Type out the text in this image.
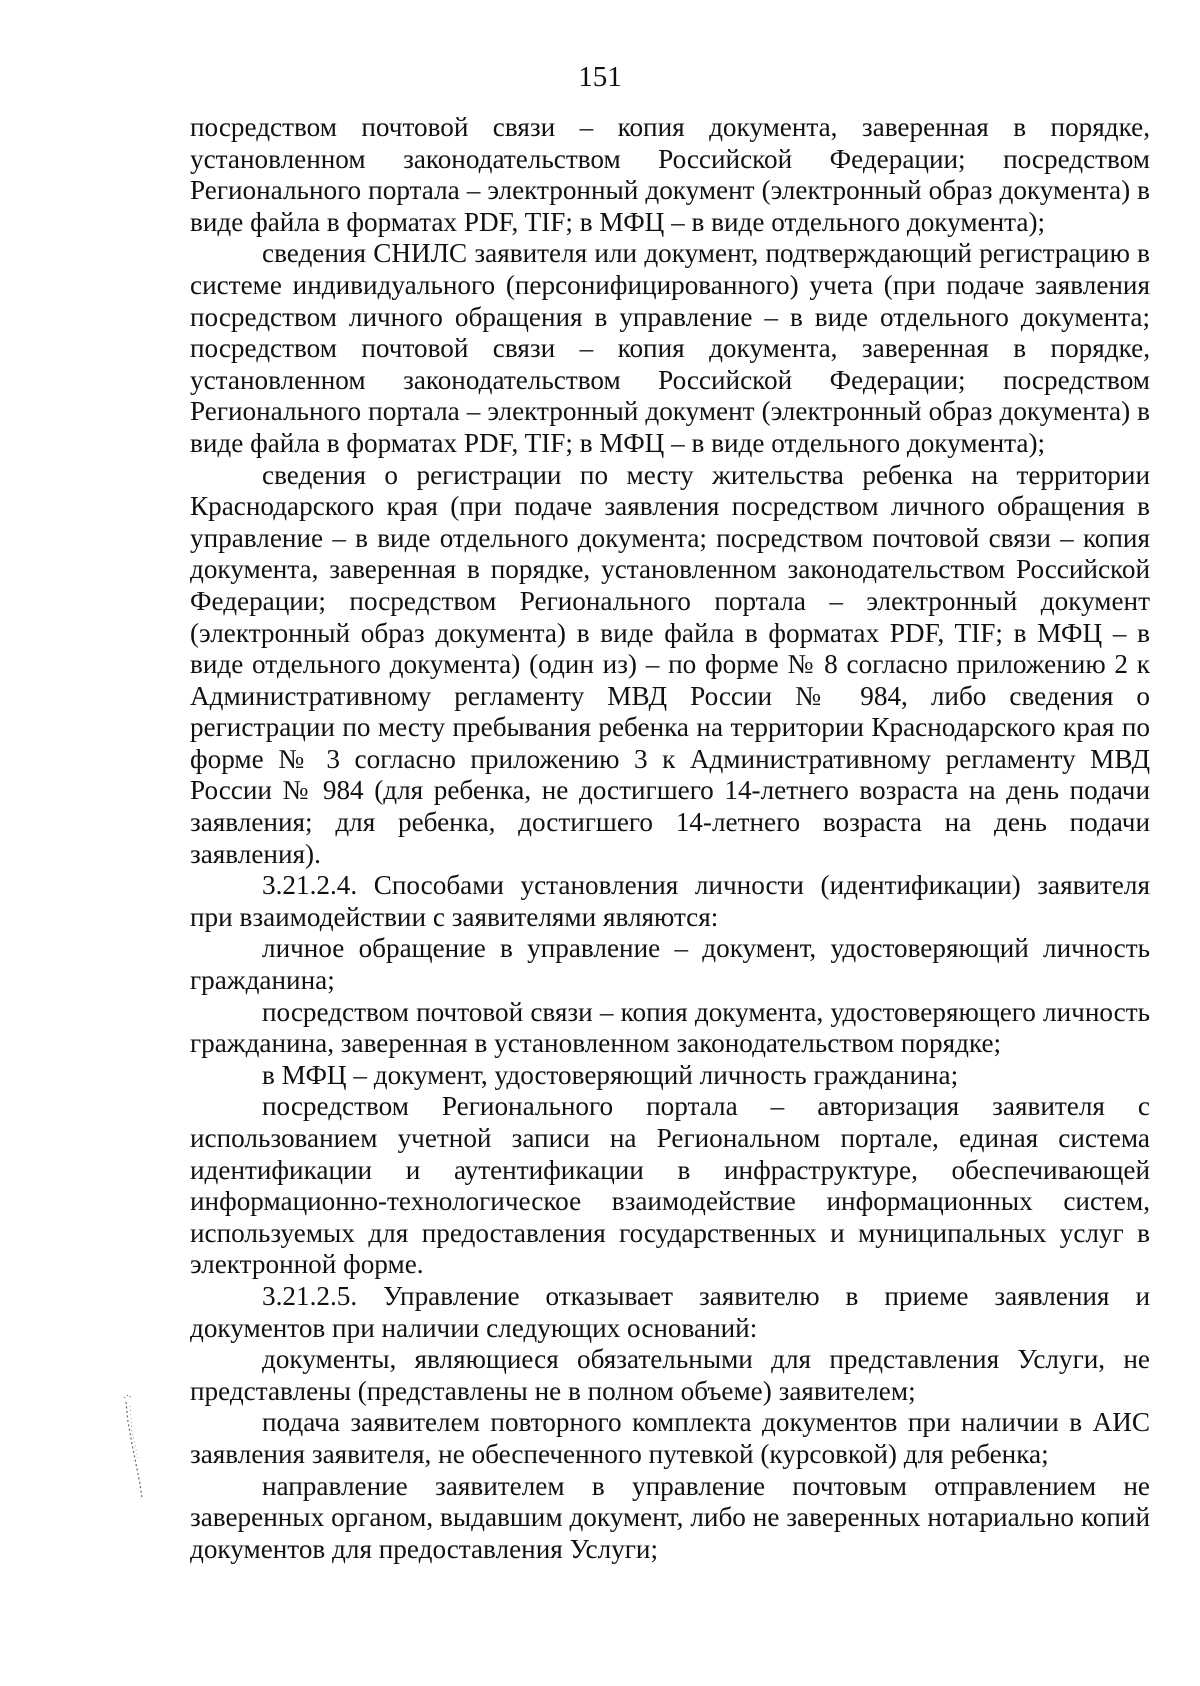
151

посредством почтовой связи – копия документа, заверенная в порядке, установленном законодательством Российской Федерации; посредством Регионального портала – электронный документ (электронный образ документа) в виде файла в форматах PDF, TIF; в МФЦ – в виде отдельного документа);

сведения СНИЛС заявителя или документ, подтверждающий регистрацию в системе индивидуального (персонифицированного) учета (при подаче заявления посредством личного обращения в управление – в виде отдельного документа; посредством почтовой связи – копия документа, заверенная в порядке, установленном законодательством Российской Федерации; посредством Регионального портала – электронный документ (электронный образ документа) в виде файла в форматах PDF, TIF; в МФЦ – в виде отдельного документа);

сведения о регистрации по месту жительства ребенка на территории Краснодарского края (при подаче заявления посредством личного обращения в управление – в виде отдельного документа; посредством почтовой связи – копия документа, заверенная в порядке, установленном законодательством Российской Федерации; посредством Регионального портала – электронный документ (электронный образ документа) в виде файла в форматах PDF, TIF; в МФЦ – в виде отдельного документа) (один из) – по форме № 8 согласно приложению 2 к Административному регламенту МВД России № 984, либо сведения о регистрации по месту пребывания ребенка на территории Краснодарского края по форме № 3 согласно приложению 3 к Административному регламенту МВД России № 984 (для ребенка, не достигшего 14-летнего возраста на день подачи заявления; для ребенка, достигшего 14-летнего возраста на день подачи заявления).

3.21.2.4. Способами установления личности (идентификации) заявителя при взаимодействии с заявителями являются:

личное обращение в управление – документ, удостоверяющий личность гражданина;

посредством почтовой связи – копия документа, удостоверяющего личность гражданина, заверенная в установленном законодательством порядке;

в МФЦ – документ, удостоверяющий личность гражданина;

посредством Регионального портала – авторизация заявителя с использованием учетной записи на Региональном портале, единая система идентификации и аутентификации в инфраструктуре, обеспечивающей информационно-технологическое взаимодействие информационных систем, используемых для предоставления государственных и муниципальных услуг в электронной форме.

3.21.2.5. Управление отказывает заявителю в приеме заявления и документов при наличии следующих оснований:

документы, являющиеся обязательными для представления Услуги, не представлены (представлены не в полном объеме) заявителем;

подача заявителем повторного комплекта документов при наличии в АИС заявления заявителя, не обеспеченного путевкой (курсовкой) для ребенка;

направление заявителем в управление почтовым отправлением не заверенных органом, выдавшим документ, либо не заверенных нотариально копий документов для предоставления Услуги;
